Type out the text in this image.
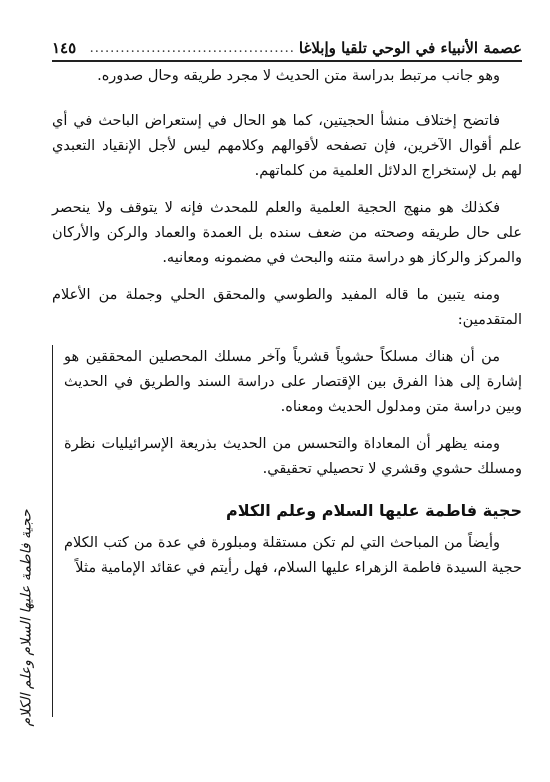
عصمة الأنبياء في الوحي تلقيا وإبلاغا
........................................
١٤٥

وهو جانب مرتبط بدراسة متن الحديث لا مجرد طريقه وحال صدوره.

فاتضح إختلاف منشأ الحجيتين، كما هو الحال في إستعراض الباحث في أي علم أقوال الآخرين، فإن تصفحه لأقوالهم وكلامهم ليس لأجل الإنقياد التعبدي لهم بل لإستخراج الدلائل العلمية من كلماتهم.

فكذلك هو منهج الحجية العلمية والعلم للمحدث فإنه لا يتوقف ولا ينحصر على حال طريقه وصحته من ضعف سنده بل العمدة والعماد والركن والأركان والمركز والركاز هو دراسة متنه والبحث في مضمونه ومعانيه.

ومنه يتبين ما قاله المفيد والطوسي والمحقق الحلي وجملة من الأعلام المتقدمين:

من أن هناك مسلكاً حشوياً قشرياً وآخر مسلك المحصلين المحققين هو إشارة إلى هذا الفرق بين الإقتصار على دراسة السند والطريق في الحديث وبين دراسة متن ومدلول الحديث ومعناه.

ومنه يظهر أن المعاداة والتحسس من الحديث بذريعة الإسرائيليات نظرة ومسلك حشوي وقشري لا تحصيلي تحقيقي.

حجية فاطمة عليها السلام وعلم الكلام

وأيضاً من المباحث التي لم تكن مستقلة ومبلورة في عدة من كتب الكلام حجية السيدة فاطمة الزهراء عليها السلام، فهل رأيتم في عقائد الإمامية مثلاً

حجية فاطمة عليها السلام وعلم الكلام
